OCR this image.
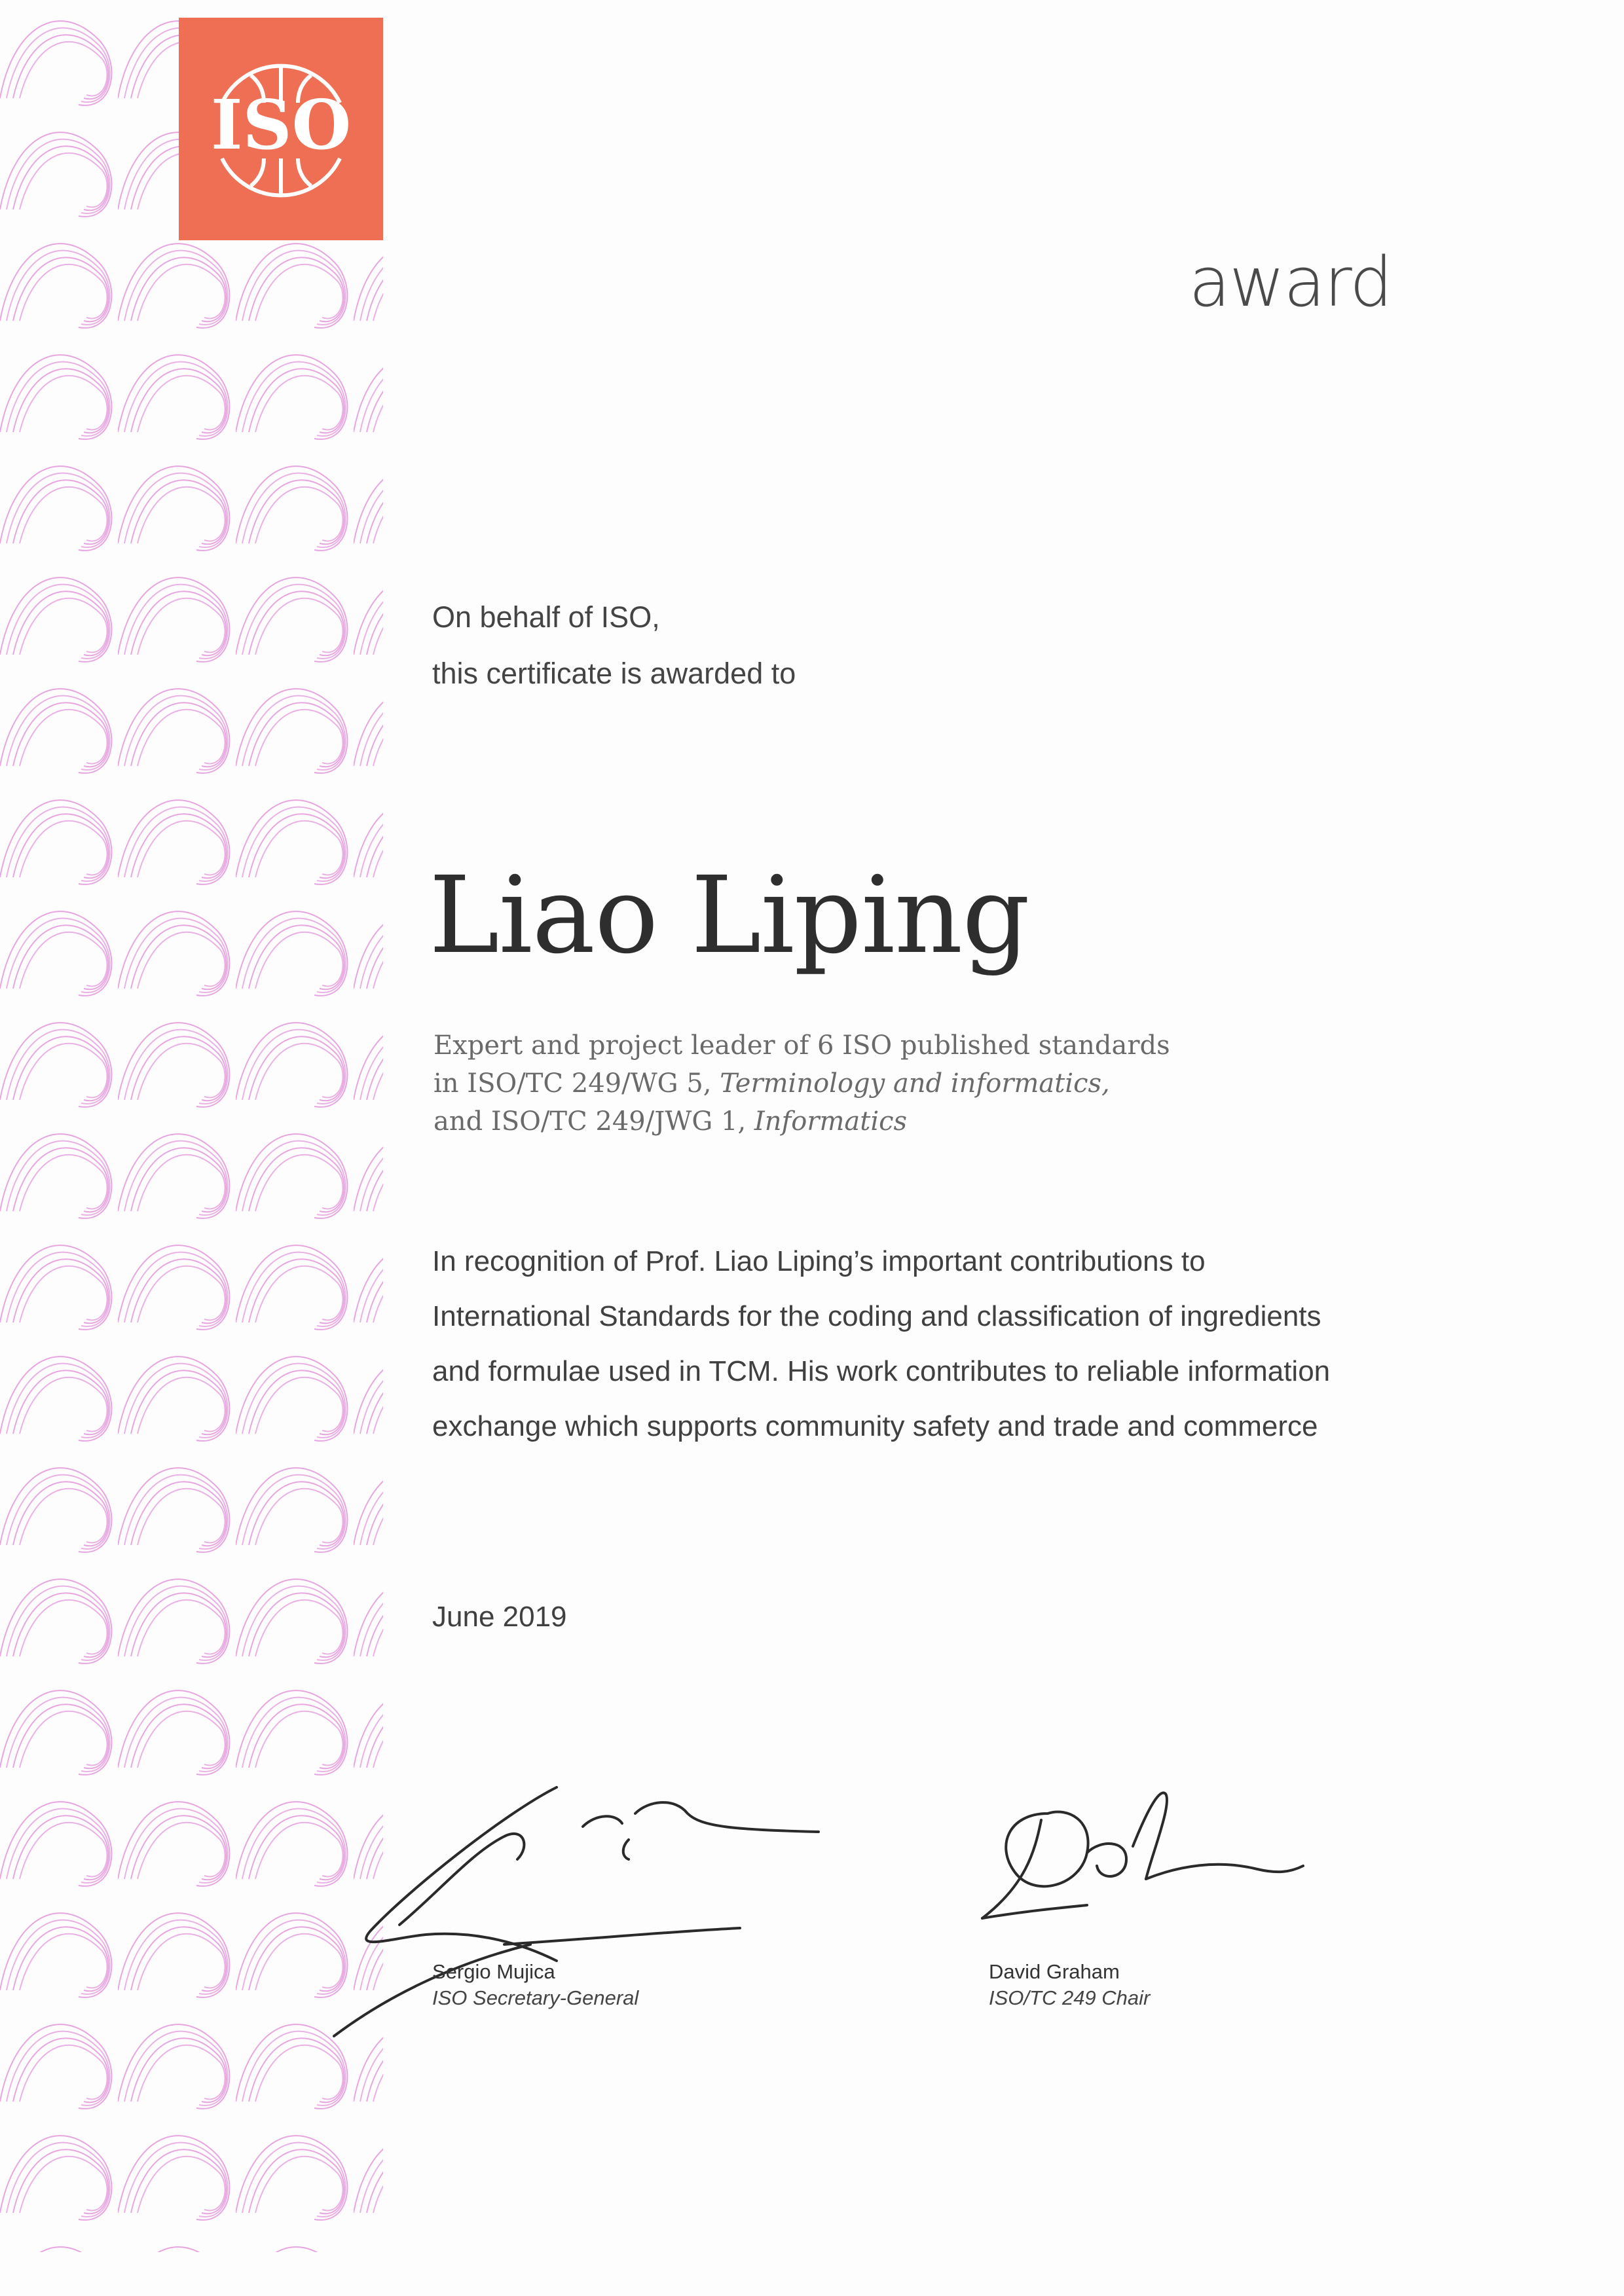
ISO
award
On behalf of ISO,
this certificate is awarded to
Liao Liping
Expert and project leader of 6 ISO published standards
in ISO/TC 249/WG 5, Terminology and informatics,
and ISO/TC 249/JWG 1, Informatics
In recognition of Prof. Liao Liping’s important contributions to
International Standards for the coding and classification of ingredients
and formulae used in TCM. His work contributes to reliable information
exchange which supports community safety and trade and commerce
June 2019
Sergio Mujica
ISO Secretary-General
David Graham
ISO/TC 249 Chair
